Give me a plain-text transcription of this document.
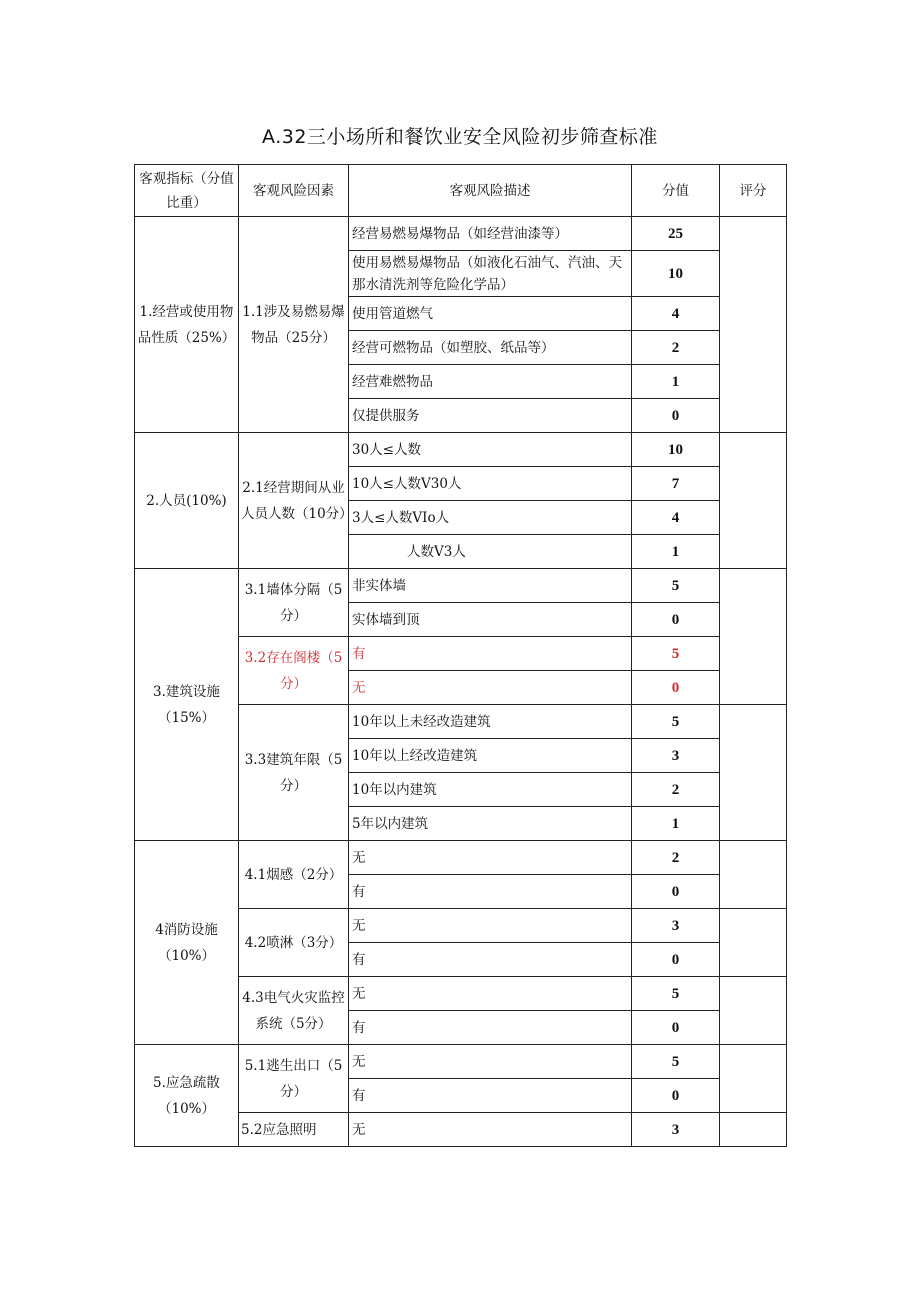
A.32三小场所和餐饮业安全风险初步筛查标准
客观指标（分值比重）	客观风险因素	客观风险描述	分值	评分
1.经营或使用物品性质（25%）	1.1涉及易燃易爆物品（25分）	经营易燃易爆物品（如经营油漆等）	25	
		使用易燃易爆物品（如液化石油气、汽油、天那水清洗剂等危险化学品）	10	
		使用管道燃气	4	
		经营可燃物品（如塑胶、纸品等）	2	
		经营难燃物品	1	
		仅提供服务	0	
2.人员(10%)	2.1经营期间从业人员人数（10分）	30人≤人数	10	
		10人≤人数V30人	7	
		3人≤人数VIo人	4	
		人数V3人	1	
3.建筑设施（15%）	3.1墙体分隔（5分）	非实体墙	5	
		实体墙到顶	0	
	3.2存在阁楼（5分）	有	5	
		无	0	
	3.3建筑年限（5分）	10年以上未经改造建筑	5	
		10年以上经改造建筑	3	
		10年以内建筑	2	
		5年以内建筑	1	
4消防设施（10%）	4.1烟感（2分）	无	2	
		有	0	
	4.2喷淋（3分）	无	3	
		有	0	
	4.3电气火灾监控系统（5分）	无	5	
		有	0	
5.应急疏散（10%）	5.1逃生出口（5分）	无	5	
		有	0	
	5.2应急照明	无	3	
